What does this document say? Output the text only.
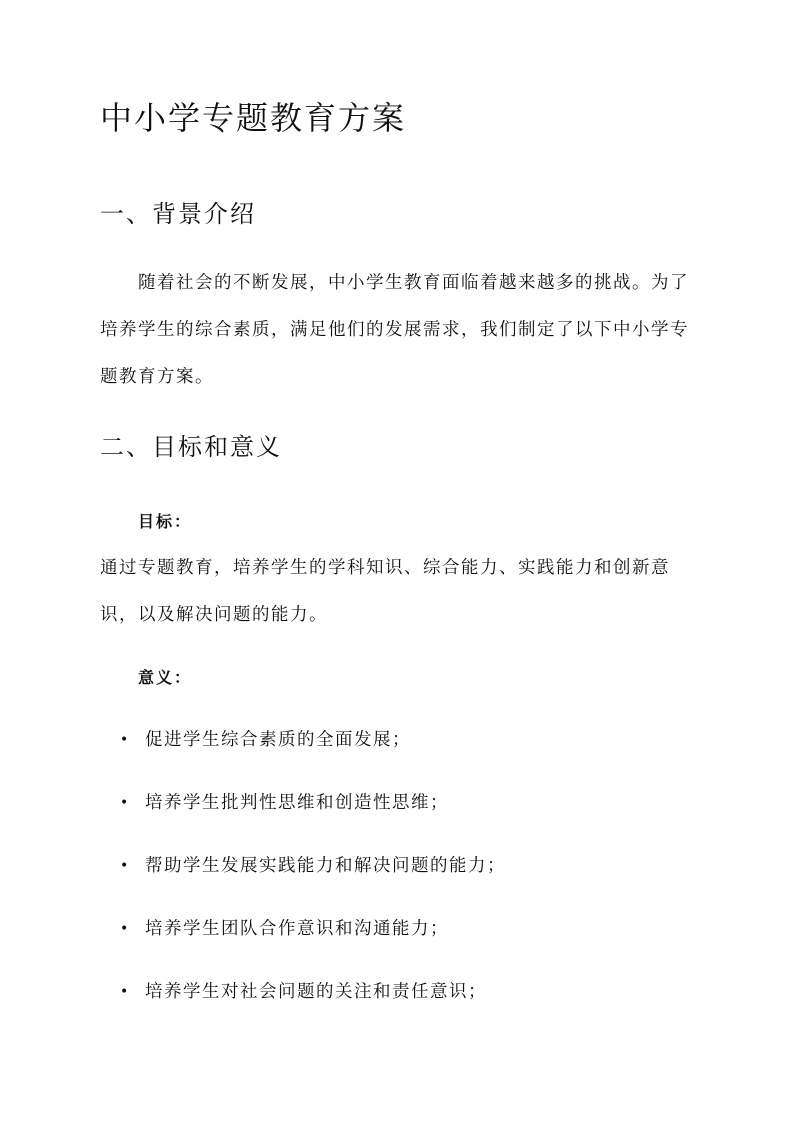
中小学专题教育方案
一、背景介绍

随着社会的不断发展，中小学生教育面临着越来越多的挑战。为了培养学生的综合素质，满足他们的发展需求，我们制定了以下中小学专题教育方案。

二、目标和意义
目标：

通过专题教育，培养学生的学科知识、综合能力、实践能力和创新意识，以及解决问题的能力。

意义：
• 促进学生综合素质的全面发展；
• 培养学生批判性思维和创造性思维；
• 帮助学生发展实践能力和解决问题的能力；
• 培养学生团队合作意识和沟通能力；
• 培养学生对社会问题的关注和责任意识；
